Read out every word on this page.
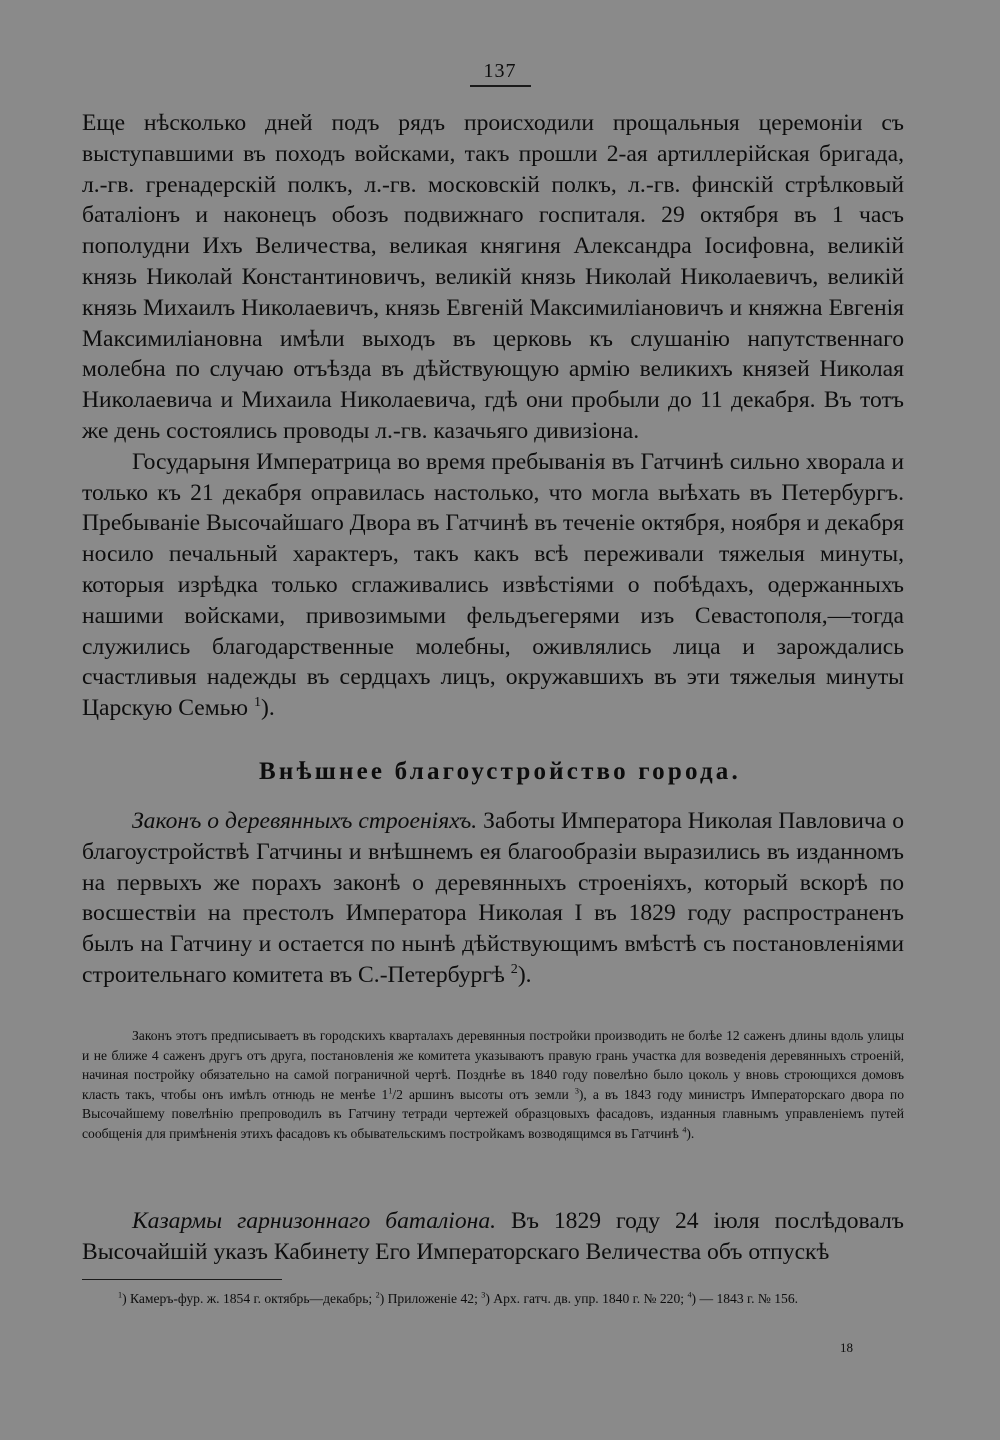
137

Еще нѣсколько дней подъ рядъ происходили прощальныя церемоніи съ выступавшими въ походъ войсками, такъ прошли 2-ая артиллерійская бригада, л.-гв. гренадерскій полкъ, л.-гв. московскій полкъ, л.-гв. финскій стрѣлковый баталіонъ и наконецъ обозъ подвижнаго госпиталя. 29 октября въ 1 часъ пополудни Ихъ Величества, великая княгиня Александра Іосифовна, великій князь Николай Константиновичъ, великій князь Николай Николаевичъ, великій князь Михаилъ Николаевичъ, князь Евгеній Максимиліановичъ и княжна Евгенія Максимиліановна имѣли выходъ въ церковь къ слушанію напутственнаго молебна по случаю отъѣзда въ дѣйствующую армію великихъ князей Николая Николаевича и Михаила Николаевича, гдѣ они пробыли до 11 декабря. Въ тотъ же день состоялись проводы л.-гв. казачьяго дивизіона.

Государыня Императрица во время пребыванія въ Гатчинѣ сильно хворала и только къ 21 декабря оправилась настолько, что могла выѣхать въ Петербургъ. Пребываніе Высочайшаго Двора въ Гатчинѣ въ теченіе октября, ноября и декабря носило печальный характеръ, такъ какъ всѣ переживали тяжелыя минуты, которыя изрѣдка только сглаживались извѣстіями о побѣдахъ, одержанныхъ нашими войсками, привозимыми фельдъегерями изъ Севастополя,—тогда служились благодарственные молебны, оживлялись лица и зарождались счастливыя надежды въ сердцахъ лицъ, окружавшихъ въ эти тяжелыя минуты Царскую Семью $^1$).

Внѣшнее благоустройство города.

Законъ о деревянныхъ строеніяхъ. Заботы Императора Николая Павловича о благоустройствѣ Гатчины и внѣшнемъ ея благообразіи выразились въ изданномъ на первыхъ же порахъ законѣ о деревянныхъ строеніяхъ, который вскорѣ по восшествіи на престолъ Императора Николая I въ 1829 году распространенъ былъ на Гатчину и остается по нынѣ дѣйствующимъ вмѣстѣ съ постановленіями строительнаго комитета въ С.-Петербургѣ $^2$).

Законъ этотъ предписываетъ въ городскихъ кварталахъ деревянныя постройки производить не болѣе 12 саженъ длины вдоль улицы и не ближе 4 саженъ другъ отъ друга, постановленія же комитета указываютъ правую грань участка для возведенія деревянныхъ строеній, начиная постройку обязательно на самой пограничной чертѣ. Позднѣе въ 1840 году повелѣно было цоколь у вновь строющихся домовъ класть такъ, чтобы онъ имѣлъ отнюдь не менѣе $1^1/2$ аршинъ высоты отъ земли $^3$), а въ 1843 году министръ Императорскаго двора по Высочайшему повелѣнію препроводилъ въ Гатчину тетради чертежей образцовыхъ фасадовъ, изданныя главнымъ управленіемъ путей сообщенія для примѣненія этихъ фасадовъ къ обывательскимъ постройкамъ возводящимся въ Гатчинѣ $^4$).

Казармы гарнизоннаго баталіона. Въ 1829 году 24 іюля послѣдовалъ Высочайшій указъ Кабинету Его Императорскаго Величества объ отпускѣ

$^1$) Камеръ-фур. ж. 1854 г. октябрь—декабрь; $^2$) Приложеніе 42; $^3$) Арх. гатч. дв. упр. 1840 г. № 220; $^4$) — 1843 г. № 156.

18
